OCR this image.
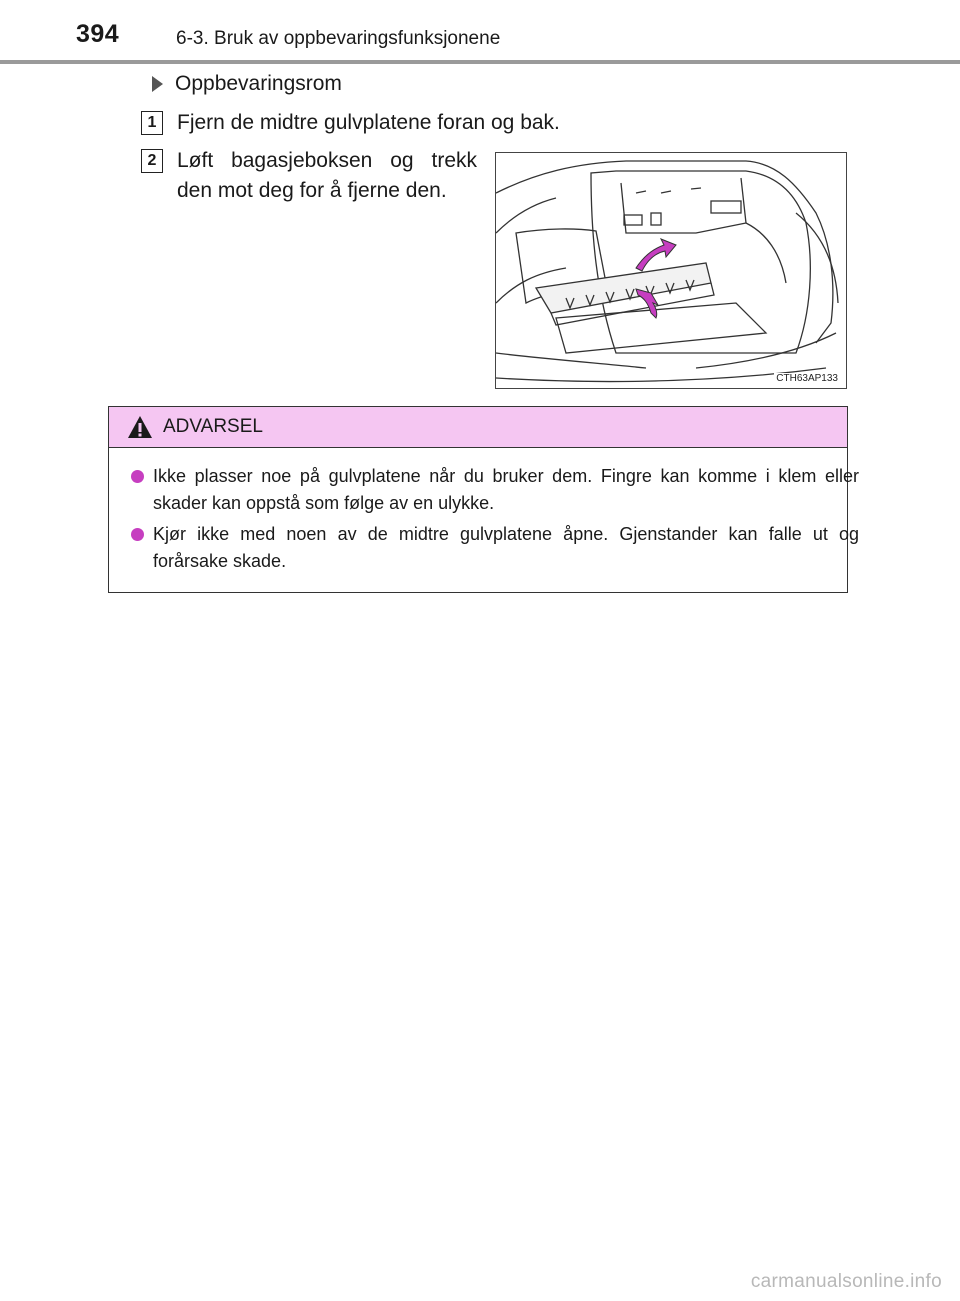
394	6-3. Bruk av oppbevaringsfunksjonene
Oppbevaringsrom
1 Fjern de midtre gulvplatene foran og bak.
2 Løft bagasjeboksen og trekk den mot deg for å fjerne den.
CTH63AP133
ADVARSEL
Ikke plasser noe på gulvplatene når du bruker dem. Fingre kan komme i klem eller skader kan oppstå som følge av en ulykke.
Kjør ikke med noen av de midtre gulvplatene åpne. Gjenstander kan falle ut og forårsake skade.
carmanualsonline.info
